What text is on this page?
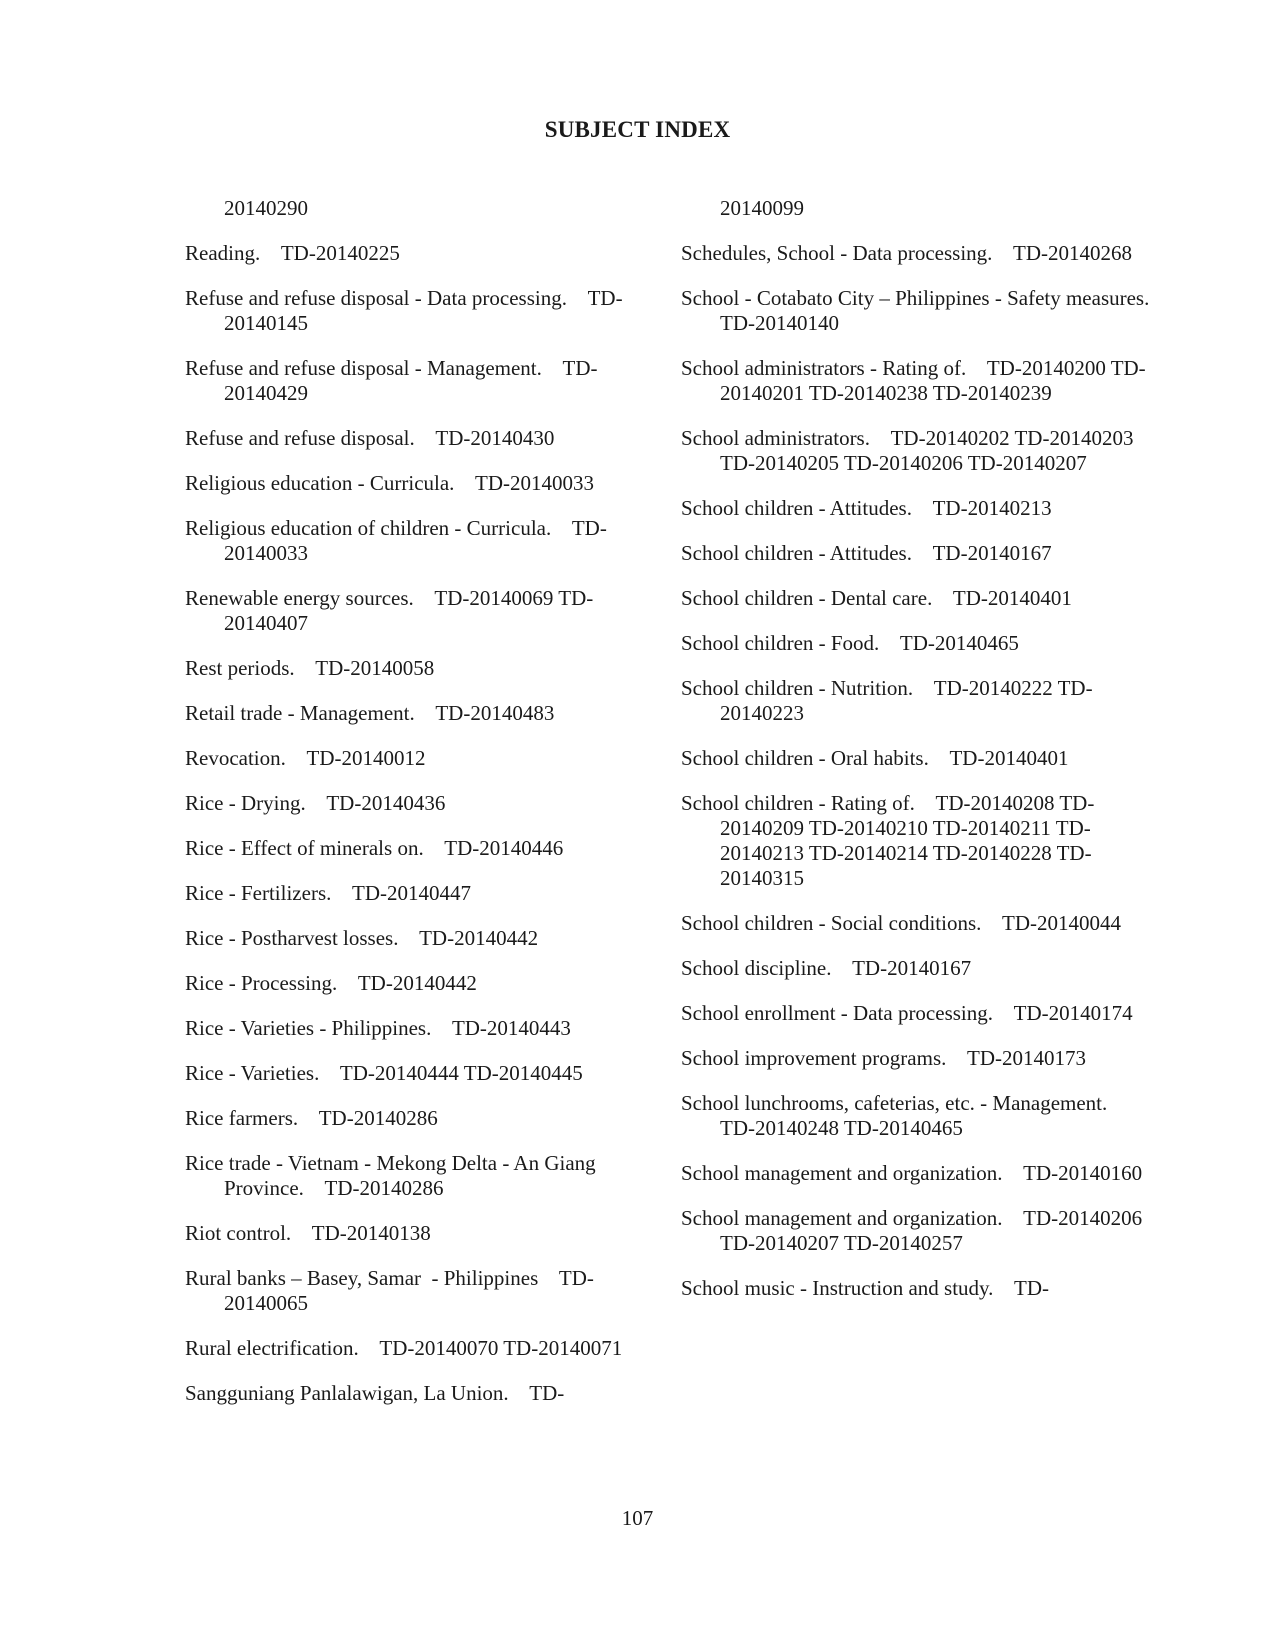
SUBJECT INDEX

20140290

Reading.    TD-20140225

Refuse and refuse disposal - Data processing.    TD-20140145

Refuse and refuse disposal - Management.    TD-20140429

Refuse and refuse disposal.    TD-20140430

Religious education - Curricula.    TD-20140033

Religious education of children - Curricula.    TD-20140033

Renewable energy sources.    TD-20140069 TD-20140407

Rest periods.    TD-20140058

Retail trade - Management.    TD-20140483

Revocation.    TD-20140012

Rice - Drying.    TD-20140436

Rice - Effect of minerals on.    TD-20140446

Rice - Fertilizers.    TD-20140447

Rice - Postharvest losses.    TD-20140442

Rice - Processing.    TD-20140442

Rice - Varieties - Philippines.    TD-20140443

Rice - Varieties.    TD-20140444 TD-20140445

Rice farmers.    TD-20140286

Rice trade - Vietnam - Mekong Delta - An Giang Province.    TD-20140286

Riot control.    TD-20140138

Rural banks – Basey, Samar  - Philippines    TD-20140065

Rural electrification.    TD-20140070 TD-20140071

Sangguniang Panlalawigan, La Union.    TD-

20140099

Schedules, School - Data processing.    TD-20140268

School - Cotabato City – Philippines - Safety measures.    TD-20140140

School administrators - Rating of.    TD-20140200 TD-20140201 TD-20140238 TD-20140239

School administrators.    TD-20140202 TD-20140203 TD-20140205 TD-20140206 TD-20140207

School children - Attitudes.    TD-20140213

School children - Attitudes.    TD-20140167

School children - Dental care.    TD-20140401

School children - Food.    TD-20140465

School children - Nutrition.    TD-20140222 TD-20140223

School children - Oral habits.    TD-20140401

School children - Rating of.    TD-20140208 TD-20140209 TD-20140210 TD-20140211 TD-20140213 TD-20140214 TD-20140228 TD-20140315

School children - Social conditions.    TD-20140044

School discipline.    TD-20140167

School enrollment - Data processing.    TD-20140174

School improvement programs.    TD-20140173

School lunchrooms, cafeterias, etc. - Management.    TD-20140248 TD-20140465

School management and organization.    TD-20140160

School management and organization.    TD-20140206 TD-20140207 TD-20140257

School music - Instruction and study.    TD-

107
